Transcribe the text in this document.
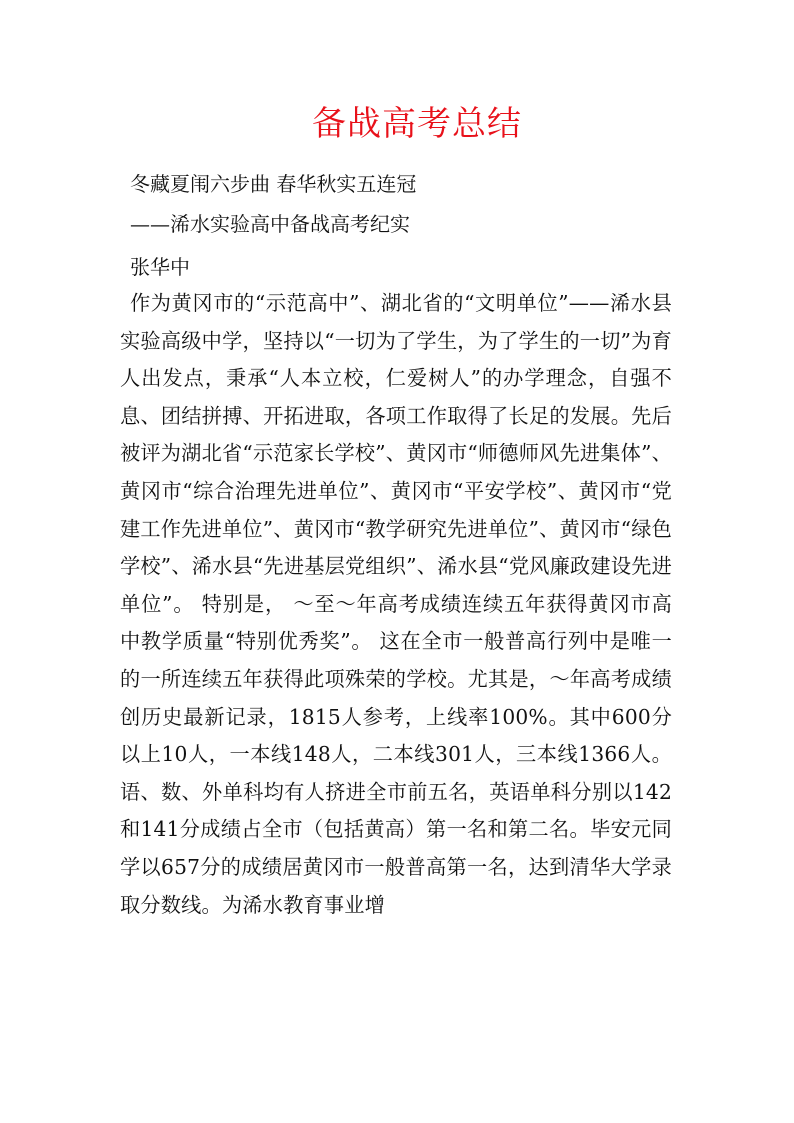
备战高考总结

冬藏夏闱六步曲 春华秋实五连冠

——浠水实验高中备战高考纪实

张华中

作为黄冈市的“示范高中”、湖北省的“文明单位”——浠水县实验高级中学，坚持以“一切为了学生，为了学生的一切”为育人出发点，秉承“人本立校，仁爱树人”的办学理念，自强不息、团结拼搏、开拓进取，各项工作取得了长足的发展。先后被评为湖北省“示范家长学校”、黄冈市“师德师风先进集体”、黄冈市“综合治理先进单位”、黄冈市“平安学校”、黄冈市“党建工作先进单位”、黄冈市“教学研究先进单位”、黄冈市“绿色学校”、浠水县“先进基层党组织”、浠水县“党风廉政建设先进单位”。 特别是， ～至～年高考成绩连续五年获得黄冈市高中教学质量“特别优秀奖”。 这在全市一般普高行列中是唯一的一所连续五年获得此项殊荣的学校。尤其是，～年高考成绩创历史最新记录，1815人参考，上线率100%。其中600分以上10人，一本线148人，二本线301人，三本线1366人。语、数、外单科均有人挤进全市前五名，英语单科分别以142和141分成绩占全市（包括黄高）第一名和第二名。毕安元同学以657分的成绩居黄冈市一般普高第一名，达到清华大学录取分数线。为浠水教育事业增
